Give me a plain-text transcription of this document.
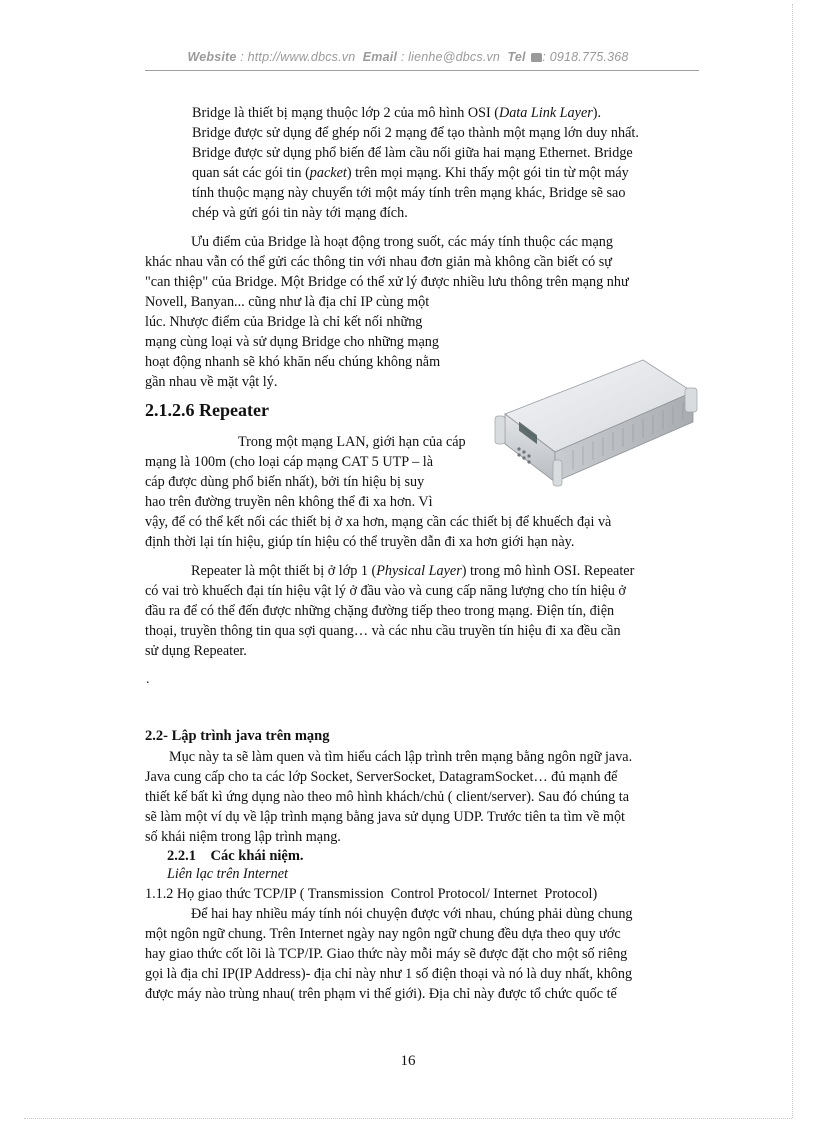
Website : http://www.dbcs.vn Email : lienhe@dbcs.vn Tel : 0918.775.368
Bridge là thiết bị mạng thuộc lớp 2 của mô hình OSI (Data Link Layer).
Bridge được sử dụng để ghép nối 2 mạng để tạo thành một mạng lớn duy nhất.
Bridge được sử dụng phổ biến để làm cầu nối giữa hai mạng Ethernet. Bridge
quan sát các gói tin (packet) trên mọi mạng. Khi thấy một gói tin từ một máy
tính thuộc mạng này chuyển tới một máy tính trên mạng khác, Bridge sẽ sao
chép và gửi gói tin này tới mạng đích.
Ưu điểm của Bridge là hoạt động trong suốt, các máy tính thuộc các mạng
khác nhau vẫn có thể gửi các thông tin với nhau đơn giản mà không cần biết có sự
"can thiệp" của Bridge. Một Bridge có thể xử lý được nhiều lưu thông trên mạng như
Novell, Banyan... cũng như là địa chỉ IP cùng một
lúc. Nhược điểm của Bridge là chỉ kết nối những
mạng cùng loại và sử dụng Bridge cho những mạng
hoạt động nhanh sẽ khó khăn nếu chúng không nằm
gần nhau về mặt vật lý.
2.1.2.6 Repeater
Trong một mạng LAN, giới hạn của cáp
mạng là 100m (cho loại cáp mạng CAT 5 UTP – là
cáp được dùng phổ biến nhất), bởi tín hiệu bị suy
hao trên đường truyền nên không thể đi xa hơn. Vì
vậy, để có thể kết nối các thiết bị ở xa hơn, mạng cần các thiết bị để khuếch đại và
định thời lại tín hiệu, giúp tín hiệu có thể truyền dẫn đi xa hơn giới hạn này.
Repeater là một thiết bị ở lớp 1 (Physical Layer) trong mô hình OSI. Repeater
có vai trò khuếch đại tín hiệu vật lý ở đầu vào và cung cấp năng lượng cho tín hiệu ở
đầu ra để có thể đến được những chặng đường tiếp theo trong mạng. Điện tín, điện
thoại, truyền thông tin qua sợi quang… và các nhu cầu truyền tín hiệu đi xa đều cần
sử dụng Repeater.
.
2.2- Lập trình java trên mạng
Mục này ta sẽ làm quen và tìm hiểu cách lập trình trên mạng bằng ngôn ngữ java.
Java cung cấp cho ta các lớp Socket, ServerSocket, DatagramSocket… đủ mạnh để
thiết kế bất kì ứng dụng nào theo mô hình khách/chủ ( client/server). Sau đó chúng ta
sẽ làm một ví dụ về lập trình mạng bằng java sử dụng UDP. Trước tiên ta tìm về một
số khái niệm trong lập trình mạng.
2.2.1    Các khái niệm.
Liên lạc trên Internet
1.1.2 Họ giao thức TCP/IP ( Transmission  Control Protocol/ Internet  Protocol)
Để hai hay nhiều máy tính nói chuyện được với nhau, chúng phải dùng chung
một ngôn ngữ chung. Trên Internet ngày nay ngôn ngữ chung đều dựa theo quy ước
hay giao thức cốt lõi là TCP/IP. Giao thức này mỗi máy sẽ được đặt cho một số riêng
gọi là địa chỉ IP(IP Address)- địa chỉ này như 1 số điện thoại và nó là duy nhất, không
được máy nào trùng nhau( trên phạm vi thế giới). Địa chỉ này được tổ chức quốc tế
16
